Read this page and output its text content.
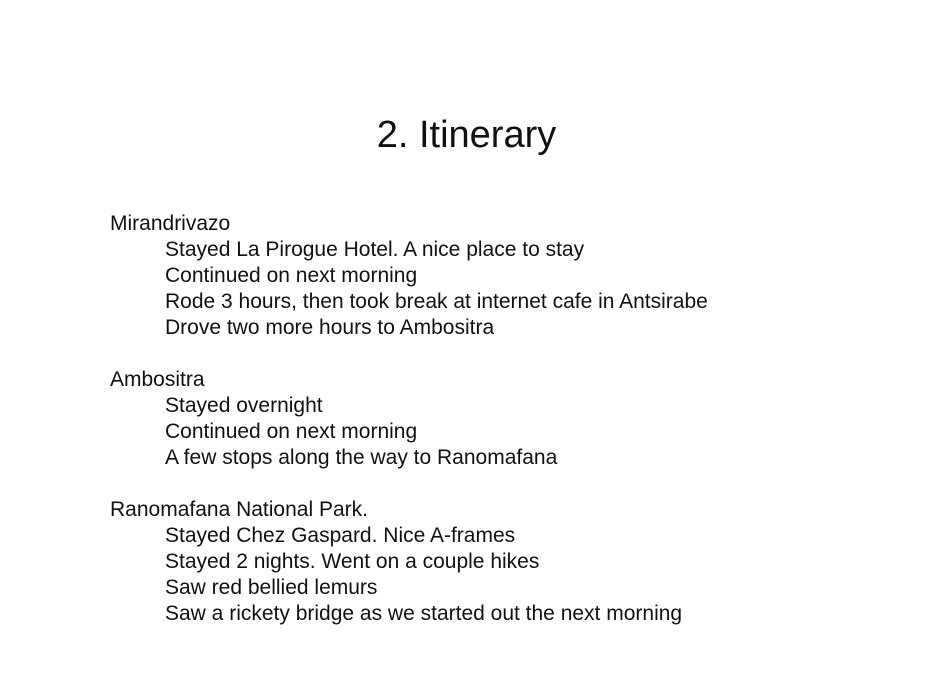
2. Itinerary
Mirandrivazo
Stayed La Pirogue Hotel. A nice place to stay
Continued on next morning
Rode 3 hours, then took break at internet cafe in Antsirabe
Drove two more hours to Ambositra
Ambositra
Stayed overnight
Continued on next morning
A few stops along the way to Ranomafana
Ranomafana National Park.
Stayed Chez Gaspard. Nice A-frames
Stayed 2 nights. Went on a couple hikes
Saw red bellied lemurs
Saw a rickety bridge as we started out the next morning
